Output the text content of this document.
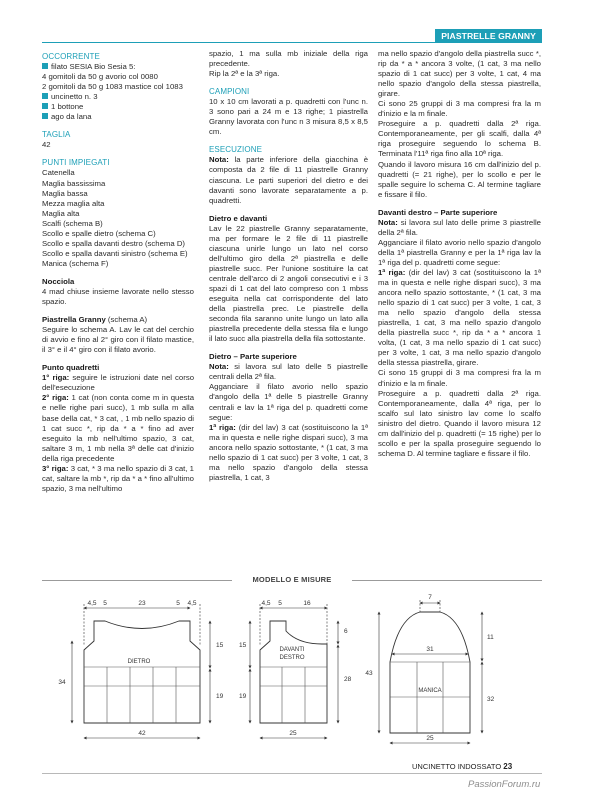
PIASTRELLE GRANNY
OCCORRENTE
filato SESIA Bio Sesia 5:
4 gomitoli da 50 g avorio col 0080
2 gomitoli da 50 g 1083 mastice col 1083
uncinetto n. 3
1 bottone
ago da lana
TAGLIA
42
PUNTI IMPIEGATI
Catenella
Maglia bassissima
Maglia bassa
Mezza maglia alta
Maglia alta
Scalfi (schema B)
Scollo e spalle dietro (schema C)
Scollo e spalla davanti destro (schema D)
Scollo e spalla davanti sinistro (schema E)
Manica (schema F)
Nocciola
4 mad chiuse insieme lavorate nello stesso spazio.
Piastrella Granny (schema A)
Seguire lo schema A. Lav le cat del cerchio di avvio e fino al 2° giro con il filato mastice, il 3° e il 4° giro con il filato avorio.
Punto quadretti
1° riga: seguire le istruzioni date nel corso dell'esecuzione
2° riga: 1 cat (non conta come m in questa e nelle righe pari succ), 1 mb sulla m alla base della cat, * 3 cat, , 1 mb nello spazio di 1 cat succ *, rip da * a * fino ad aver eseguito la mb nell'ultimo spazio, 3 cat, saltare 3 m, 1 mb nella 3ª delle cat d'inizio della riga precedente
3° riga: 3 cat, * 3 ma nello spazio di 3 cat, 1 cat, saltare la mb *, rip da * a * fino all'ultimo spazio, 3 ma nell'ultimo
spazio, 1 ma sulla mb iniziale della riga precedente.
Rip la 2ª e la 3ª riga.
CAMPIONI
10 x 10 cm lavorati a p. quadretti con l'unc n. 3 sono pari a 24 m e 13 righe; 1 piastrella Granny lavorata con l'unc n 3 misura 8,5 x 8,5 cm.
ESECUZIONE
Nota: la parte inferiore della giacchina è composta da 2 file di 11 piastrelle Granny ciascuna. Le parti superiori del dietro e dei davanti sono lavorate separatamente a p. quadretti.
Dietro e davanti
Lav le 22 piastrelle Granny separatamente, ma per formare le 2 file di 11 piastrelle ciascuna unirle lungo un lato nel corso dell'ultimo giro della 2ª piastrella e delle piastrelle succ. Per l'unione sostituire la cat centrale dell'arco di 2 angoli consecutivi e i 3 spazi di 1 cat del lato compreso con 1 mbss eseguita nella cat corrispondente del lato della piastrella prec. Le piastrelle della seconda fila saranno unite lungo un lato alla piastrella precedente della stessa fila e lungo il lato succ alla piastrella della fila sottostante.
Dietro – Parte superiore
Nota: si lavora sul lato delle 5 piastrelle centrali della 2ª fila.
Agganciare il filato avorio nello spazio d'angolo della 1ª delle 5 piastrelle Granny centrali e lav la 1ª riga del p. quadretti come segue:
1ª riga: (dir del lav) 3 cat (sostituiscono la 1ª ma in questa e nelle righe dispari succ), 3 ma ancora nello spazio sottostante, * (1 cat, 3 ma nello spazio di 1 cat succ) per 3 volte, 1 cat, 3 ma nello spazio d'angolo della stessa piastrella, 1 cat, 3
ma nello spazio d'angolo della piastrella succ *, rip da * a * ancora 3 volte, (1 cat, 3 ma nello spazio di 1 cat succ) per 3 volte, 1 cat, 4 ma nello spazio d'angolo della stessa piastrella, girare.
Ci sono 25 gruppi di 3 ma compresi fra la m d'inizio e la m finale.
Proseguire a p. quadretti dalla 2ª riga. Contemporaneamente, per gli scalfi, dalla 4ª riga proseguire seguendo lo schema B. Terminata l'11ª riga fino alla 10ª riga.
Quando il lavoro misura 16 cm dall'inizio del p. quadretti (= 21 righe), per lo scollo e per le spalle seguire lo schema C. Al termine tagliare e fissare il filo.
Davanti destro – Parte superiore
Nota: si lavora sul lato delle prime 3 piastrelle della 2ª fila.
Agganciare il filato avorio nello spazio d'angolo della 1ª piastrella Granny e per la 1ª riga lav la 1ª riga del p. quadretti come segue:
1ª riga: (dir del lav) 3 cat (sostituiscono la 1ª ma in questa e nelle righe dispari succ), 3 ma ancora nello spazio sottostante, * (1 cat, 3 ma nello spazio di 1 cat succ) per 3 volte, 1 cat, 3 ma nello spazio d'angolo della stessa piastrella, 1 cat, 3 ma nello spazio d'angolo della piastrella succ *, rip da * a * ancora 1 volta, (1 cat, 3 ma nello spazio di 1 cat succ) per 3 volte, 1 cat, 3 ma nello spazio d'angolo della stessa piastrella, girare.
Ci sono 15 gruppi di 3 ma compresi fra la m d'inizio e la m finale.
Proseguire a p. quadretti dalla 2ª riga. Contemporaneamente, dalla 4ª riga, per lo scalfo sul lato sinistro lav come lo scalfo sinistro del dietro. Quando il lavoro misura 12 cm dall'inizio del p. quadretti (= 15 righe) per lo scollo e per la spalla proseguire seguendo lo schema D. Al termine tagliare e fissare il filo.
MODELLO E MISURE
DIETRO
4,5 5	23	5 4,5
15
19
34
42
DAVANTI
DESTRO
4,5 5	16
6
28
15
19
25
MANICA
7
31
11
32
43
25
UNCINETTO INDOSSATO 23
PassionForum.ru
